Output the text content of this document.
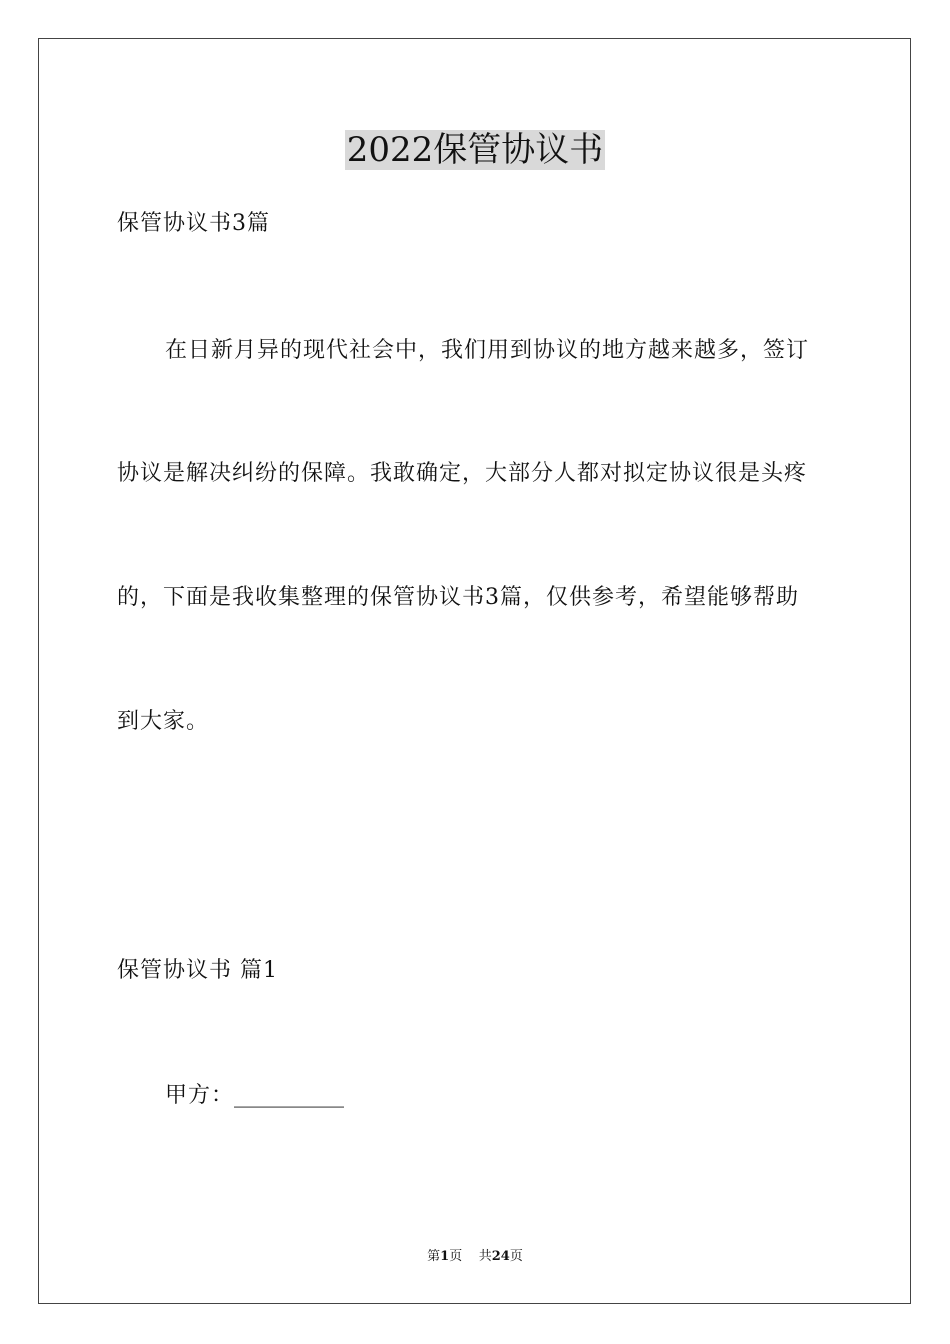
2022保管协议书
保管协议书3篇
在日新月异的现代社会中，我们用到协议的地方越来越多，签订
协议是解决纠纷的保障。我敢确定，大部分人都对拟定协议很是头疼
的，下面是我收集整理的保管协议书3篇，仅供参考，希望能够帮助
到大家。
保管协议书 篇1
甲方：__________
第1页    共24页
